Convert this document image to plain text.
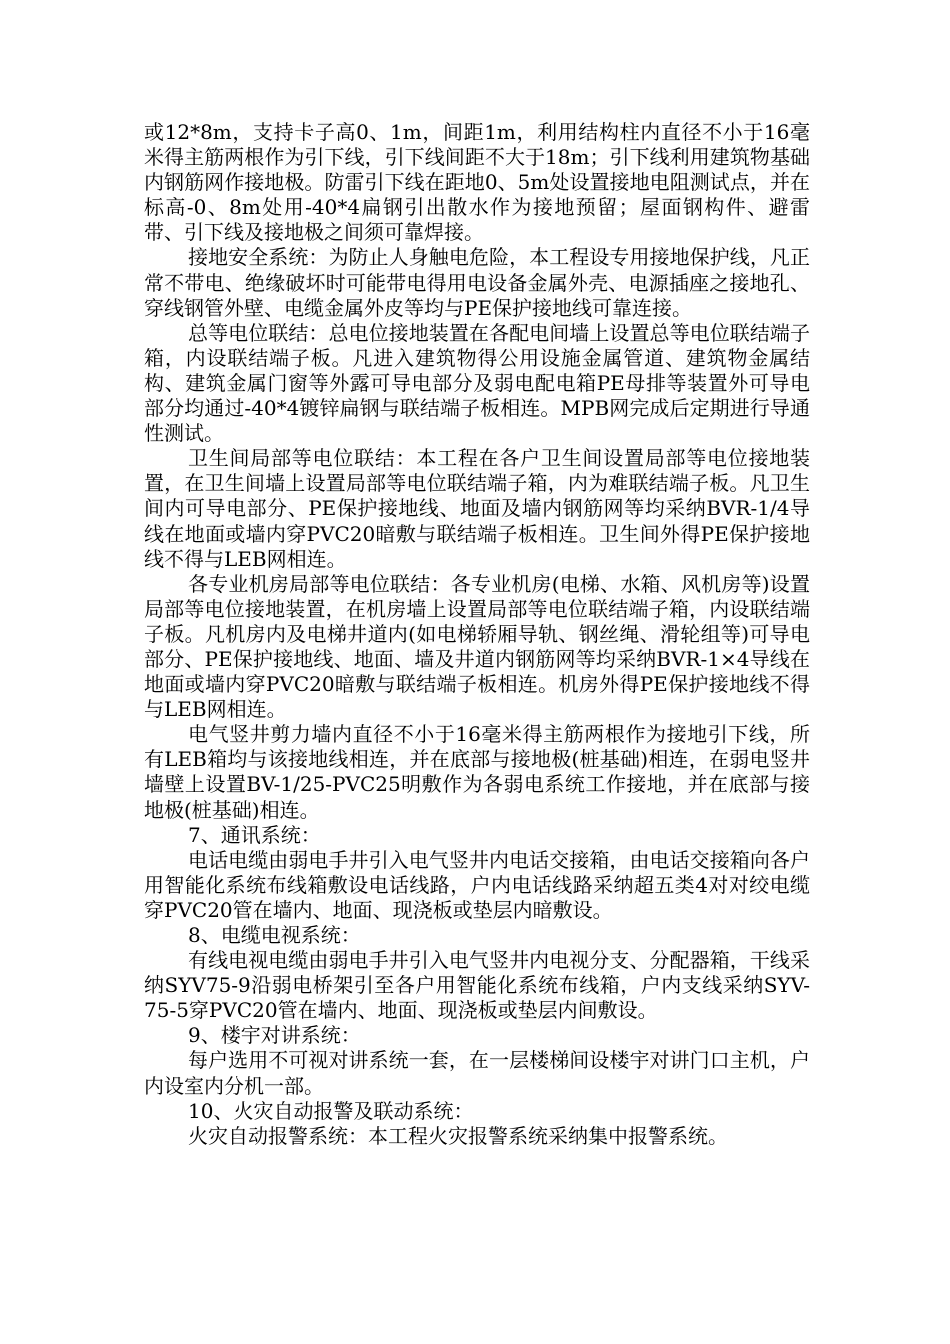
或12*8m，支持卡子高0、1m，间距1m，利用结构柱内直径不小于16毫米得主筋两根作为引下线，引下线间距不大于18m；引下线利用建筑物基础内钢筋网作接地极。防雷引下线在距地0、5m处设置接地电阻测试点，并在标高-0、8m处用-40*4扁钢引出散水作为接地预留；屋面钢构件、避雷带、引下线及接地极之间须可靠焊接。

接地安全系统：为防止人身触电危险，本工程设专用接地保护线，凡正常不带电、绝缘破坏时可能带电得用电设备金属外壳、电源插座之接地孔、穿线钢管外壁、电缆金属外皮等均与PE保护接地线可靠连接。

总等电位联结：总电位接地装置在各配电间墙上设置总等电位联结端子箱，内设联结端子板。凡进入建筑物得公用设施金属管道、建筑物金属结构、建筑金属门窗等外露可导电部分及弱电配电箱PE母排等装置外可导电部分均通过-40*4镀锌扁钢与联结端子板相连。MPB网完成后定期进行导通性测试。

卫生间局部等电位联结：本工程在各户卫生间设置局部等电位接地装置，在卫生间墙上设置局部等电位联结端子箱，内为难联结端子板。凡卫生间内可导电部分、PE保护接地线、地面及墙内钢筋网等均采纳BVR-1/4导线在地面或墙内穿PVC20暗敷与联结端子板相连。卫生间外得PE保护接地线不得与LEB网相连。

各专业机房局部等电位联结：各专业机房(电梯、水箱、风机房等)设置局部等电位接地装置，在机房墙上设置局部等电位联结端子箱，内设联结端子板。凡机房内及电梯井道内(如电梯轿厢导轨、钢丝绳、滑轮组等)可导电部分、PE保护接地线、地面、墙及井道内钢筋网等均采纳BVR-1×4导线在地面或墙内穿PVC20暗敷与联结端子板相连。机房外得PE保护接地线不得与LEB网相连。

电气竖井剪力墙内直径不小于16毫米得主筋两根作为接地引下线，所有LEB箱均与该接地线相连，并在底部与接地极(桩基础)相连，在弱电竖井墙壁上设置BV-1/25-PVC25明敷作为各弱电系统工作接地，并在底部与接地极(桩基础)相连。

7、通讯系统：

电话电缆由弱电手井引入电气竖井内电话交接箱，由电话交接箱向各户用智能化系统布线箱敷设电话线路，户内电话线路采纳超五类4对对绞电缆穿PVC20管在墙内、地面、现浇板或垫层内暗敷设。

8、电缆电视系统：

有线电视电缆由弱电手井引入电气竖井内电视分支、分配器箱，干线采纳SYV75-9沿弱电桥架引至各户用智能化系统布线箱，户内支线采纳SYV-75-5穿PVC20管在墙内、地面、现浇板或垫层内间敷设。

9、楼宇对讲系统：

每户选用不可视对讲系统一套，在一层楼梯间设楼宇对讲门口主机，户内设室内分机一部。

10、火灾自动报警及联动系统：

火灾自动报警系统：本工程火灾报警系统采纳集中报警系统。
